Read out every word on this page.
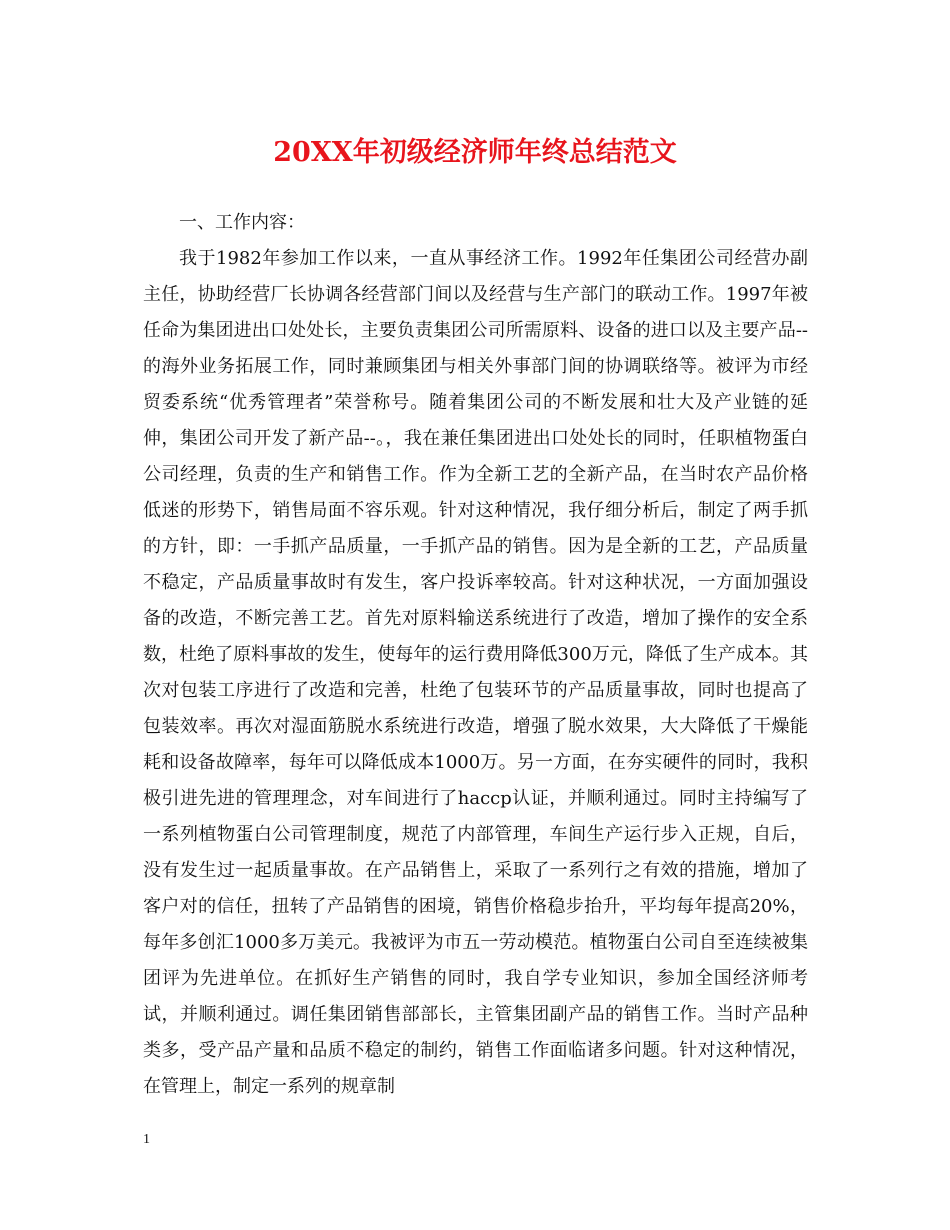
20XX年初级经济师年终总结范文
一、工作内容：

我于1982年参加工作以来，一直从事经济工作。1992年任集团公司经营办副主任，协助经营厂长协调各经营部门间以及经营与生产部门的联动工作。1997年被任命为集团进出口处处长，主要负责集团公司所需原料、设备的进口以及主要产品--的海外业务拓展工作，同时兼顾集团与相关外事部门间的协调联络等。被评为市经贸委系统“优秀管理者”荣誉称号。随着集团公司的不断发展和壮大及产业链的延伸，集团公司开发了新产品--。，我在兼任集团进出口处处长的同时，任职植物蛋白公司经理，负责的生产和销售工作。作为全新工艺的全新产品，在当时农产品价格低迷的形势下，销售局面不容乐观。针对这种情况，我仔细分析后，制定了两手抓的方针，即：一手抓产品质量，一手抓产品的销售。因为是全新的工艺，产品质量不稳定，产品质量事故时有发生，客户投诉率较高。针对这种状况，一方面加强设备的改造，不断完善工艺。首先对原料输送系统进行了改造，增加了操作的安全系数，杜绝了原料事故的发生，使每年的运行费用降低300万元，降低了生产成本。其次对包装工序进行了改造和完善，杜绝了包装环节的产品质量事故，同时也提高了包装效率。再次对湿面筋脱水系统进行改造，增强了脱水效果，大大降低了干燥能耗和设备故障率，每年可以降低成本1000万。另一方面，在夯实硬件的同时，我积极引进先进的管理理念，对车间进行了haccp认证，并顺利通过。同时主持编写了一系列植物蛋白公司管理制度，规范了内部管理，车间生产运行步入正规，自后，没有发生过一起质量事故。在产品销售上，采取了一系列行之有效的措施，增加了客户对的信任，扭转了产品销售的困境，销售价格稳步抬升，平均每年提高20%，每年多创汇1000多万美元。我被评为市五一劳动模范。植物蛋白公司自至连续被集团评为先进单位。在抓好生产销售的同时，我自学专业知识，参加全国经济师考试，并顺利通过。调任集团销售部部长，主管集团副产品的销售工作。当时产品种类多，受产品产量和品质不稳定的制约，销售工作面临诸多问题。针对这种情况，在管理上，制定一系列的规章制

1
